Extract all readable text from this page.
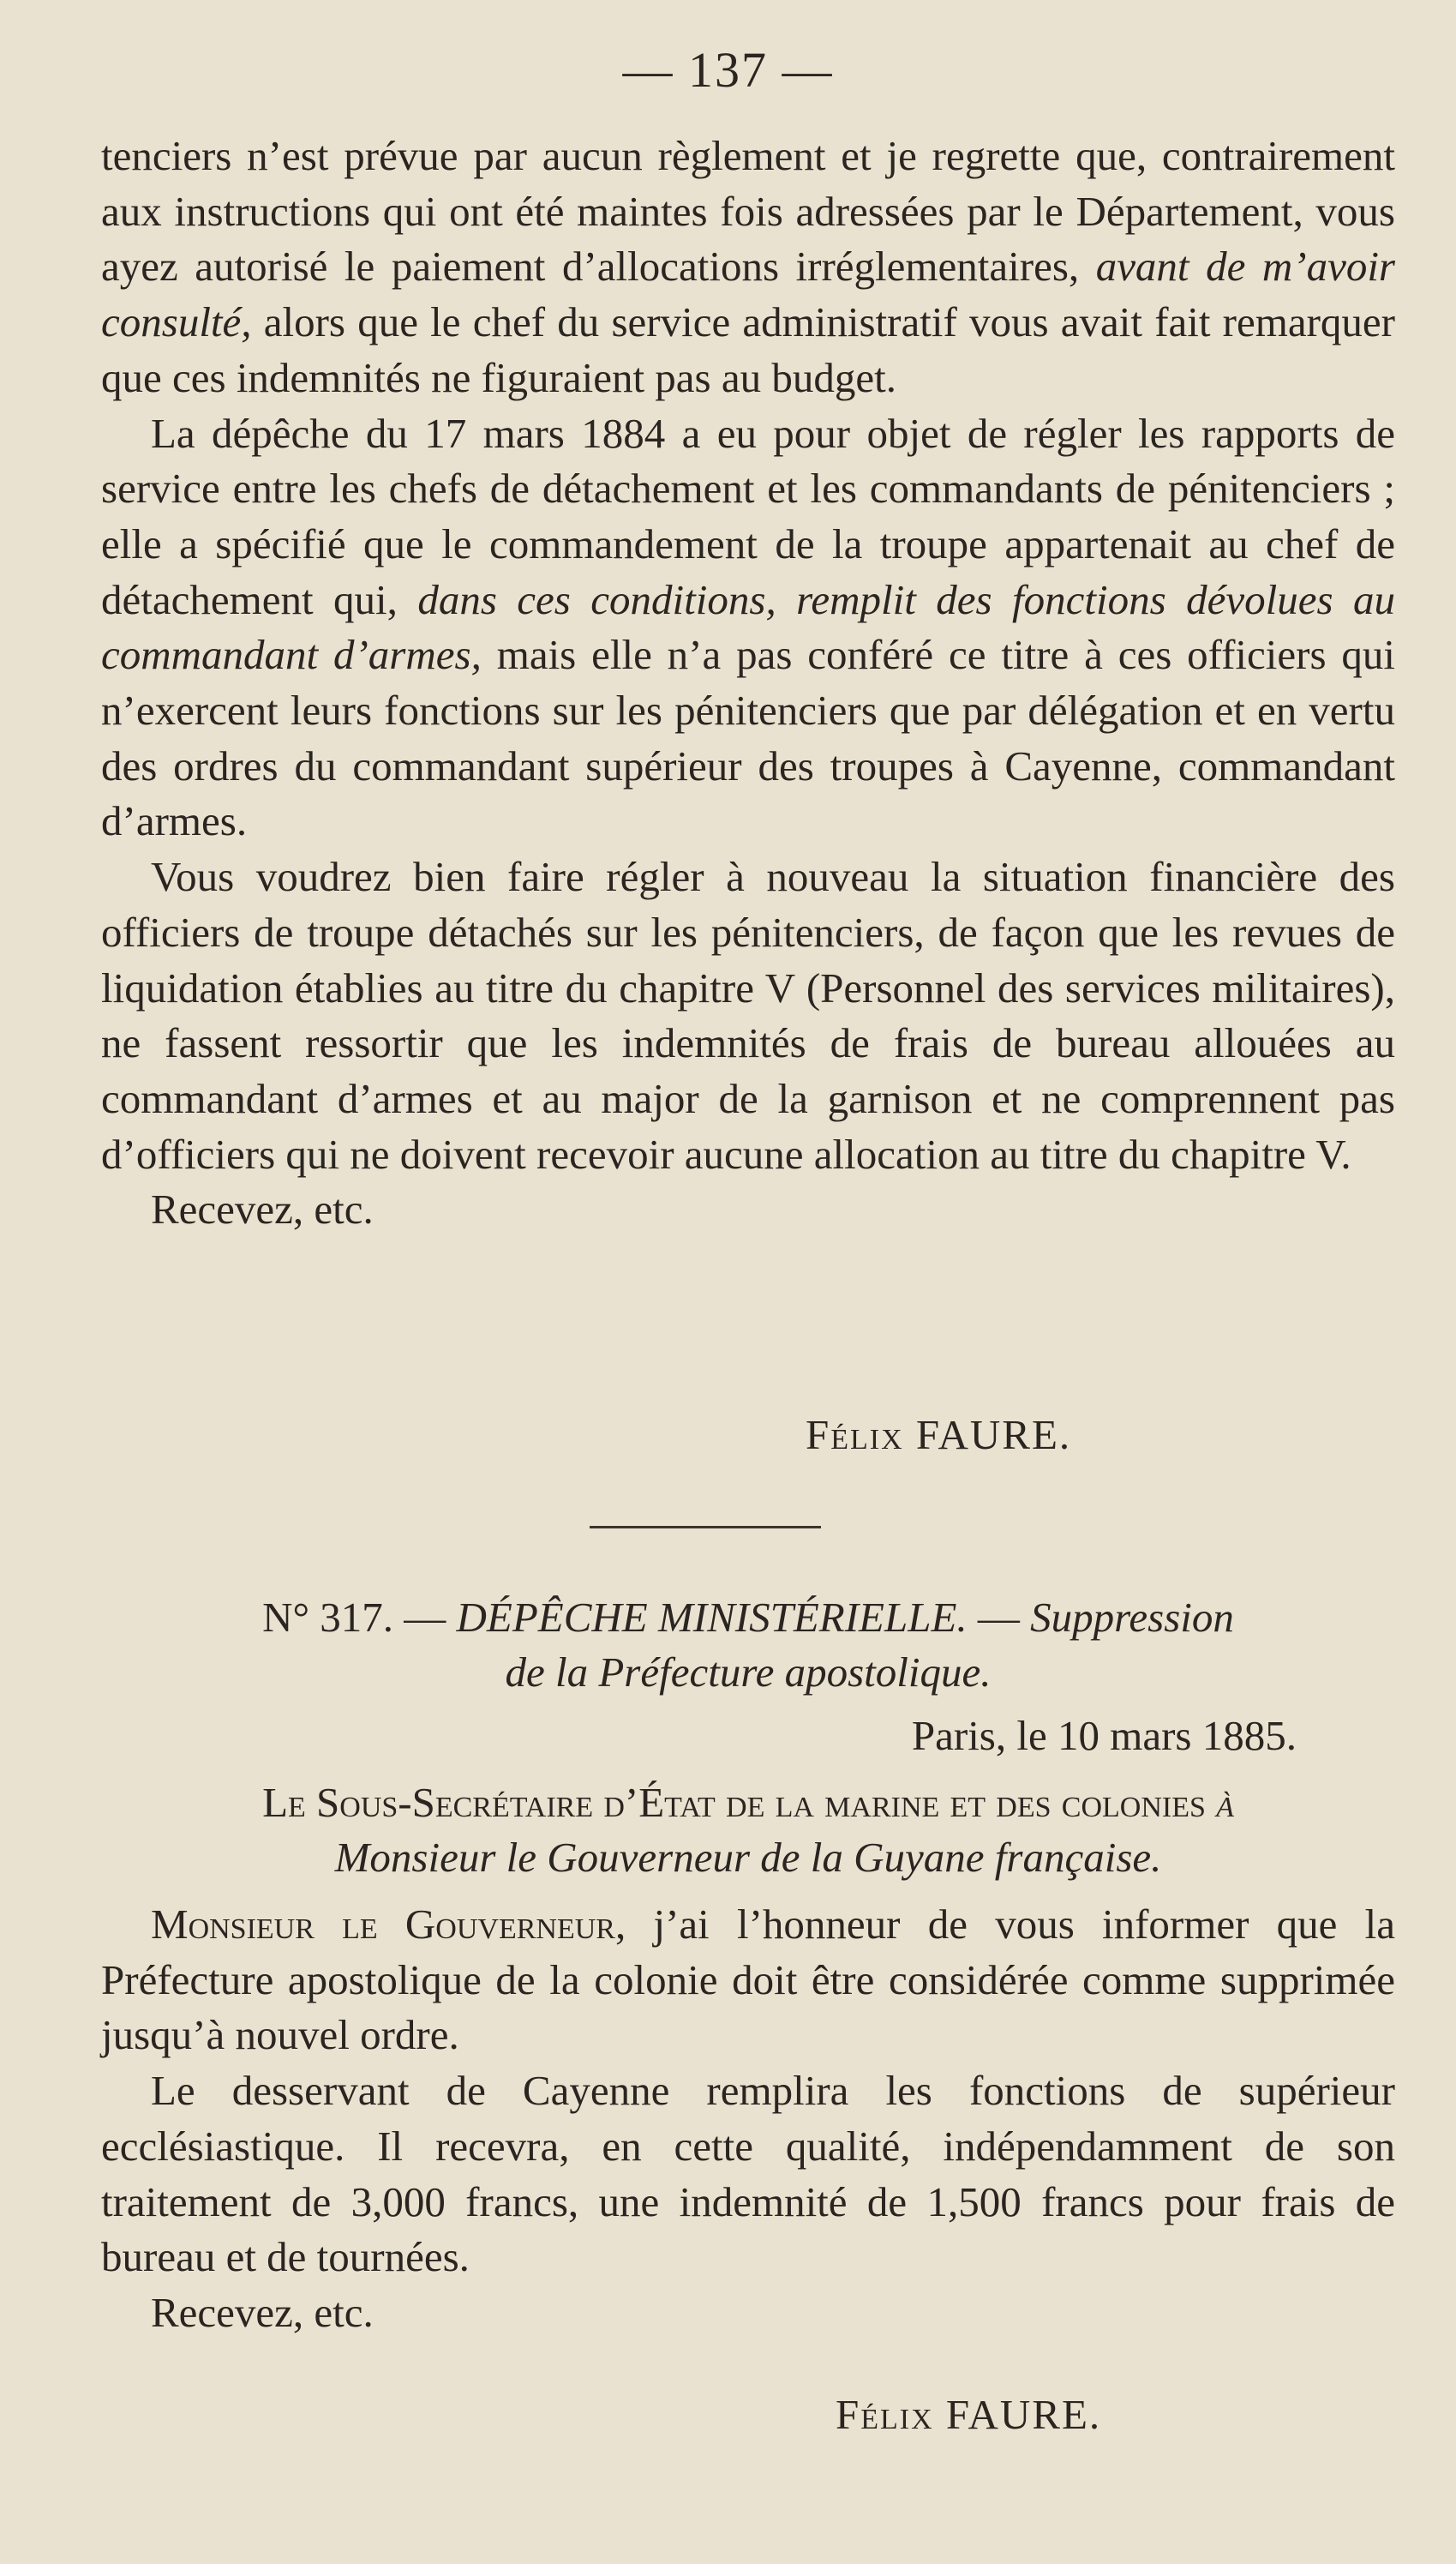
— 137 —

tenciers n’est prévue par aucun règlement et je regrette que, contrairement aux instructions qui ont été maintes fois adressées par le Département, vous ayez autorisé le paiement d’allocations irréglementaires, avant de m’avoir consulté, alors que le chef du service administratif vous avait fait remarquer que ces indemnités ne figuraient pas au budget.

La dépêche du 17 mars 1884 a eu pour objet de régler les rapports de service entre les chefs de détachement et les commandants de pénitenciers ; elle a spécifié que le commandement de la troupe appartenait au chef de détachement qui, dans ces conditions, remplit des fonctions dévolues au commandant d’armes, mais elle n’a pas conféré ce titre à ces officiers qui n’exercent leurs fonctions sur les pénitenciers que par délégation et en vertu des ordres du commandant supérieur des troupes à Cayenne, commandant d’armes.

Vous voudrez bien faire régler à nouveau la situation financière des officiers de troupe détachés sur les pénitenciers, de façon que les revues de liquidation établies au titre du chapitre V (Personnel des services militaires), ne fassent ressortir que les indemnités de frais de bureau allouées au commandant d’armes et au major de la garnison et ne comprennent pas d’officiers qui ne doivent recevoir aucune allocation au titre du chapitre V.

Recevez, etc.

Félix FAURE.
N° 317. — DÉPÊCHE MINISTÉRIELLE. — Suppression
de la Préfecture apostolique.
Paris, le 10 mars 1885.
Le Sous-Secrétaire d’État de la marine et des colonies à
Monsieur le Gouverneur de la Guyane française.

Monsieur le Gouverneur, j’ai l’honneur de vous informer que la Préfecture apostolique de la colonie doit être considérée comme supprimée jusqu’à nouvel ordre.

Le desservant de Cayenne remplira les fonctions de supérieur ecclésiastique. Il recevra, en cette qualité, indépendamment de son traitement de 3,000 francs, une indemnité de 1,500 francs pour frais de bureau et de tournées.

Recevez, etc.

Félix FAURE.
